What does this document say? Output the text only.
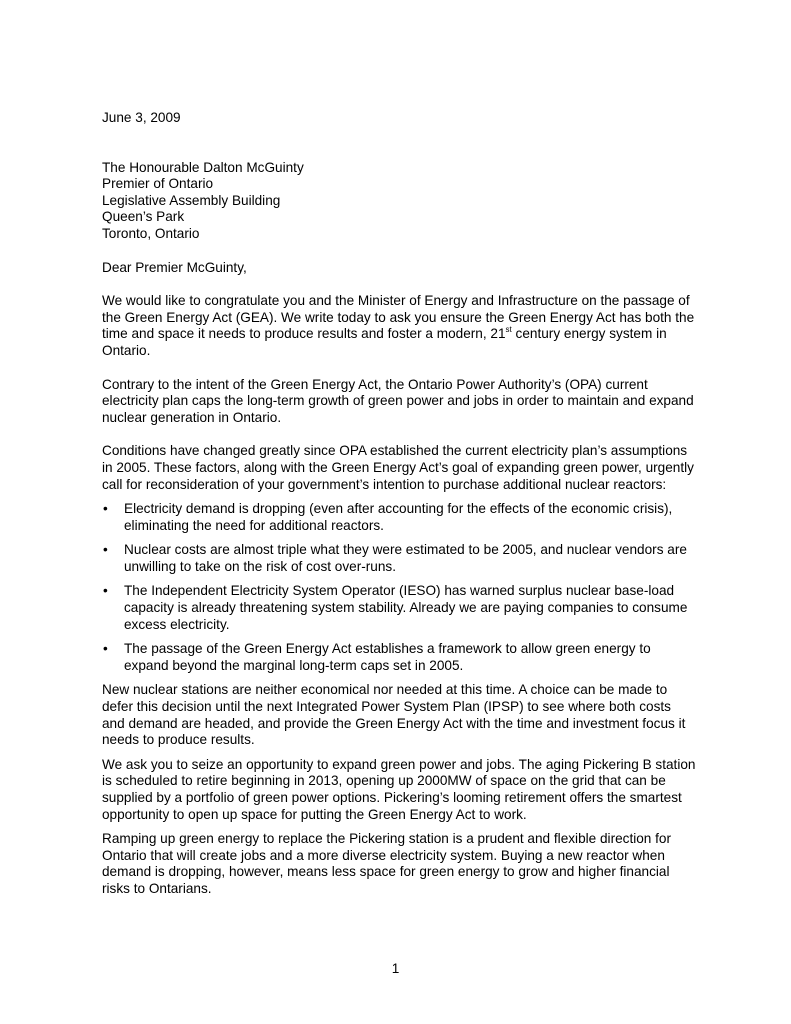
June 3, 2009

The Honourable Dalton McGuinty

Premier of Ontario

Legislative Assembly Building

Queen’s Park

Toronto, Ontario

Dear Premier McGuinty,

We would like to congratulate you and the Minister of Energy and Infrastructure on the passage of the Green Energy Act (GEA). We write today to ask you ensure the Green Energy Act has both the time and space it needs to produce results and foster a modern, 21st century energy system in Ontario.

Contrary to the intent of the Green Energy Act, the Ontario Power Authority’s (OPA) current electricity plan caps the long-term growth of green power and jobs in order to maintain and expand nuclear generation in Ontario.

Conditions have changed greatly since OPA established the current electricity plan’s assumptions in 2005. These factors, along with the Green Energy Act’s goal of expanding green power, urgently call for reconsideration of your government’s intention to purchase additional nuclear reactors:

• Electricity demand is dropping (even after accounting for the effects of the economic crisis), eliminating the need for additional reactors.
• Nuclear costs are almost triple what they were estimated to be 2005, and nuclear vendors are unwilling to take on the risk of cost over-runs.
• The Independent Electricity System Operator (IESO) has warned surplus nuclear base-load capacity is already threatening system stability. Already we are paying companies to consume excess electricity.
• The passage of the Green Energy Act establishes a framework to allow green energy to expand beyond the marginal long-term caps set in 2005.

New nuclear stations are neither economical nor needed at this time. A choice can be made to defer this decision until the next Integrated Power System Plan (IPSP) to see where both costs and demand are headed, and provide the Green Energy Act with the time and investment focus it needs to produce results.

We ask you to seize an opportunity to expand green power and jobs. The aging Pickering B station is scheduled to retire beginning in 2013, opening up 2000MW of space on the grid that can be supplied by a portfolio of green power options. Pickering’s looming retirement offers the smartest opportunity to open up space for putting the Green Energy Act to work.

Ramping up green energy to replace the Pickering station is a prudent and flexible direction for Ontario that will create jobs and a more diverse electricity system. Buying a new reactor when demand is dropping, however, means less space for green energy to grow and higher financial risks to Ontarians.

1
